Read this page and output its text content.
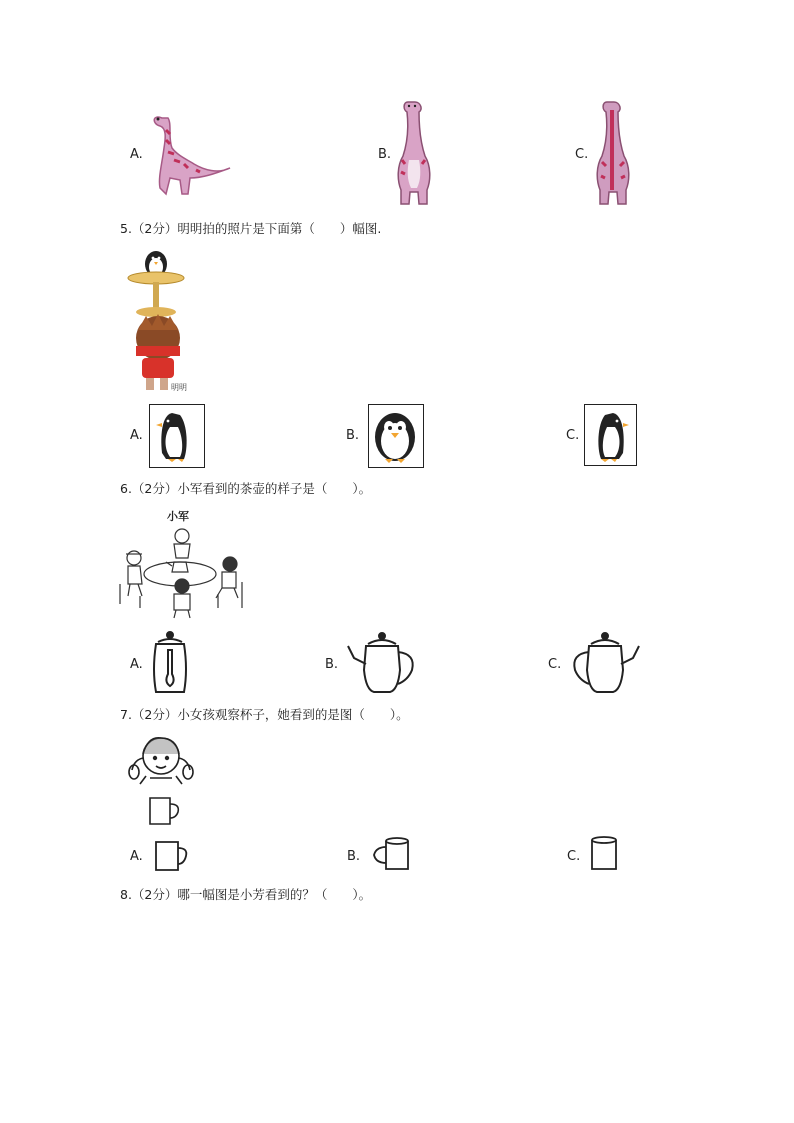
A.	B.	C.
5.（2分）明明拍的照片是下面第（　　）幅图.
明明
A.	B.	C.
6.（2分）小军看到的茶壶的样子是（　　）。
小军
A.	B.	C.
7.（2分）小女孩观察杯子，她看到的是图（　　）。
A.	B.	C.
8.（2分）哪一幅图是小芳看到的？（　　）。
